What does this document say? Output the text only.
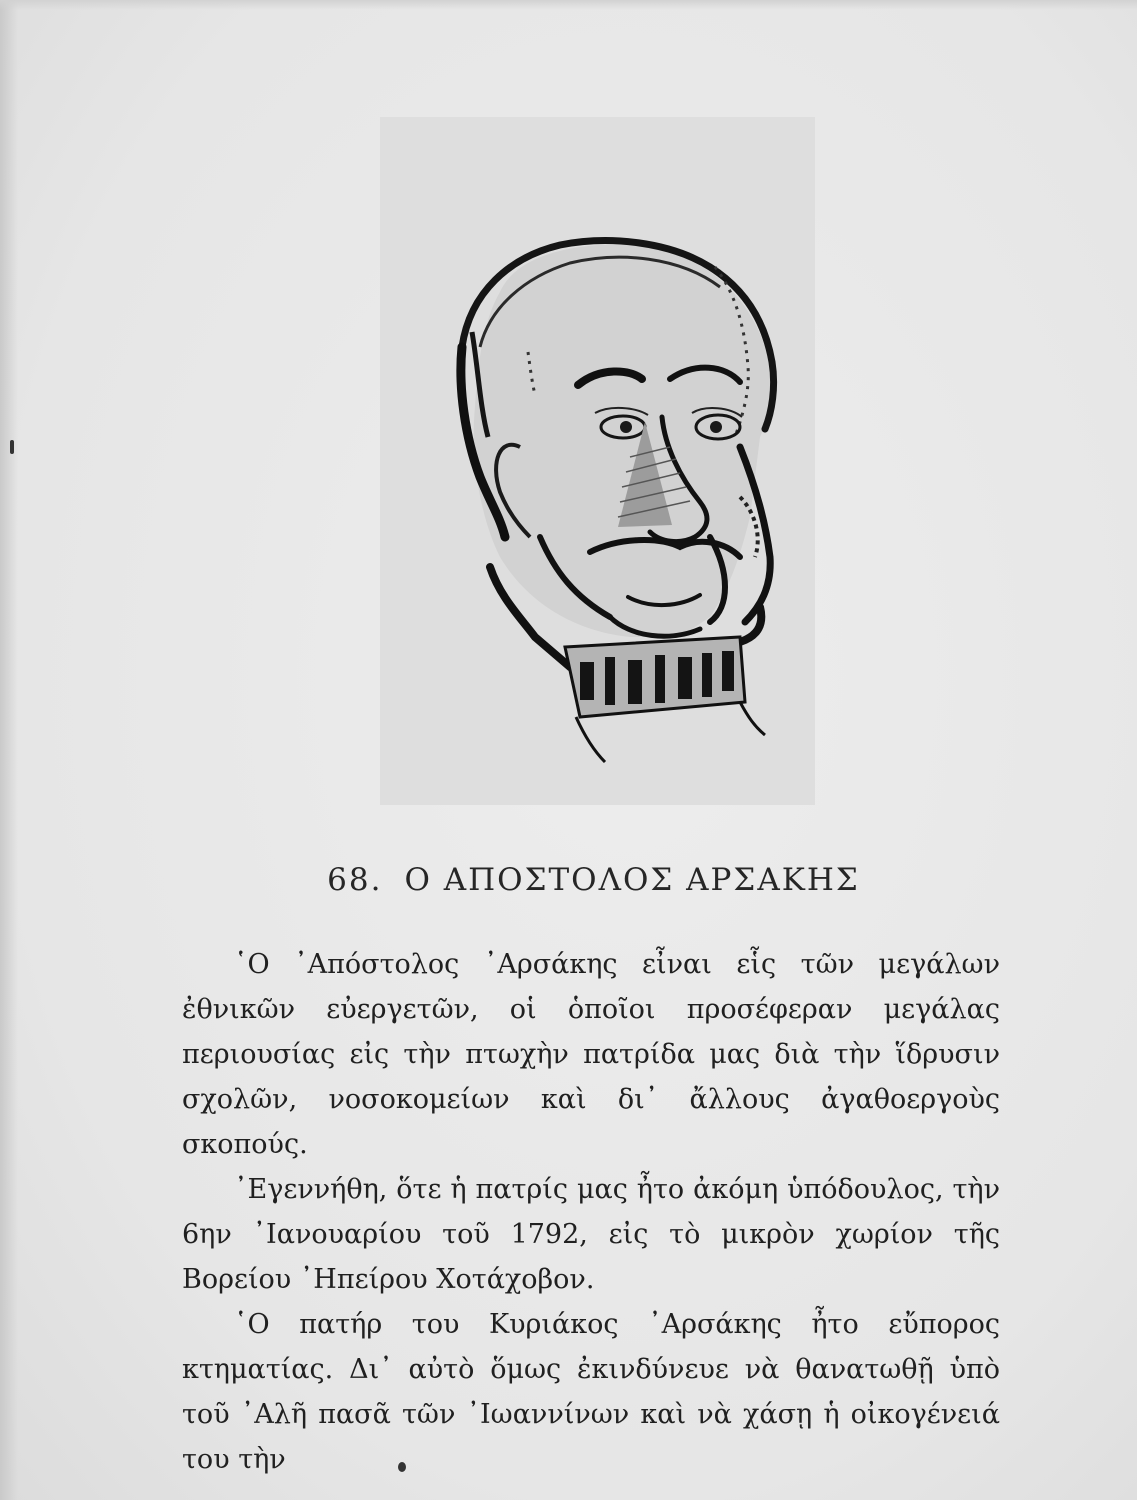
68. Ο ΑΠΟΣΤΟΛΟΣ ΑΡΣΑΚΗΣ

῾Ο ᾿Απόστολος ᾿Αρσάκης εἶναι εἷς τῶν μεγάλων ἐθνικῶν εὐεργετῶν, οἱ ὁποῖοι προσέφεραν μεγάλας περιουσίας εἰς τὴν πτωχὴν πατρίδα μας διὰ τὴν ἵδρυσιν σχολῶν, νοσοκομείων καὶ δι᾿ ἄλλους ἀγαθοεργοὺς σκοπούς.

᾿Εγεννήθη, ὅτε ἡ πατρίς μας ἦτο ἀκόμη ὑπόδουλος, τὴν 6ην ᾿Ιανουαρίου τοῦ 1792, εἰς τὸ μικρὸν χωρίον τῆς Βορείου ᾿Ηπείρου Χοτάχοβον.

῾Ο πατήρ του Κυριάκος ᾿Αρσάκης ἦτο εὔπορος κτηματίας. Δι᾿ αὐτὸ ὅμως ἐκινδύνευε νὰ θανατωθῇ ὑπὸ τοῦ ᾿Αλῆ πασᾶ τῶν ᾿Ιωαννίνων καὶ νὰ χάσῃ ἡ οἰκογένειά του τὴν
